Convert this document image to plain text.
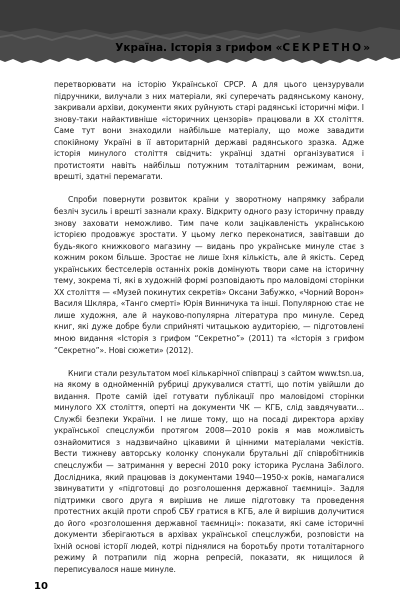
Україна. Історія з грифом «СЕКРЕТНО»

перетворювати на історію Української СРСР. А для цього цензурували підручники, вилучали з них матеріали, які суперечать радянському канону, закривали архіви, документи яких руйнують старі радянські історичні міфи. І знову-таки найактивніше «історичних цензорів» працювали в ХХ століття. Саме тут вони знаходили найбільше матеріалу, що може завадити спокійному Україні в її авторитарній державі радянського зразка. Адже історія минулого століття свідчить: українці здатні організуватися і протистояти навіть найбільш потужним тоталітарним режимам, вони, врешті, здатні перемагати.

Спроби повернути розвиток країни у зворотному напрямку забрали безліч зусиль і врешті зазнали краху. Відкриту одного разу історичну правду знову заховати неможливо. Тим паче коли зацікавленість українською історією продовжує зростати. У цьому легко переконатися, завітавши до будь-якого книжкового магазину — видань про українське минуле стає з кожним роком більше. Зростає не лише їхня кількість, але й якість. Серед українських бестселерів останніх років домінують твори саме на історичну тему, зокрема ті, які в художній формі розповідають про маловідомі сторінки ХХ століття — «Музей покинутих секретів» Оксани Забужко, «Чорний Ворон» Василя Шкляра, «Танго смерті» Юрія Винничука та інші. Популярною стає не лише художня, але й науково-популярна література про минуле. Серед книг, які дуже добре були сприйняті читацькою аудиторією, — підготовлені мною видання «Історія з грифом “Секретно”» (2011) та «Історія з грифом “Секретно”». Нові сюжети» (2012).

Книги стали результатом моєї кількарічної співпраці з сайтом www.tsn.ua, на якому в однойменній рубриці друкувалися статті, що потім увійшли до видання. Проте самій ідеї готувати публікації про маловідомі сторінки минулого ХХ століття, оперті на документи ЧК — КГБ, слід завдячувати… Службі безпеки України. І не лише тому, що на посаді директора архіву української спецслужби протягом 2008—2010 років я мав можливість ознайомитися з надзвичайно цікавими й цінними матеріалами чекістів. Вести тижневу авторську колонку спонукали брутальні дії співробітників спецслужби — затримання у вересні 2010 року історика Руслана Забілого. Дослідника, який працював із документами 1940—1950-х років, намагалися звинуватити у «підготовці до розголошення державної таємниці». Задля підтримки свого друга я вирішив не лише підготовку та проведення протестних акцій проти спроб СБУ гратися в КГБ, але й вирішив долучитися до його «розголошення державної таємниці»: показати, які саме історичні документи зберігаються в архівах української спецслужби, розповісти на їхній основі історії людей, котрі піднялися на боротьбу проти тоталітарного режиму й потрапили під жорна репресій, показати, як нищилося й переписувалося наше минуле.

10
